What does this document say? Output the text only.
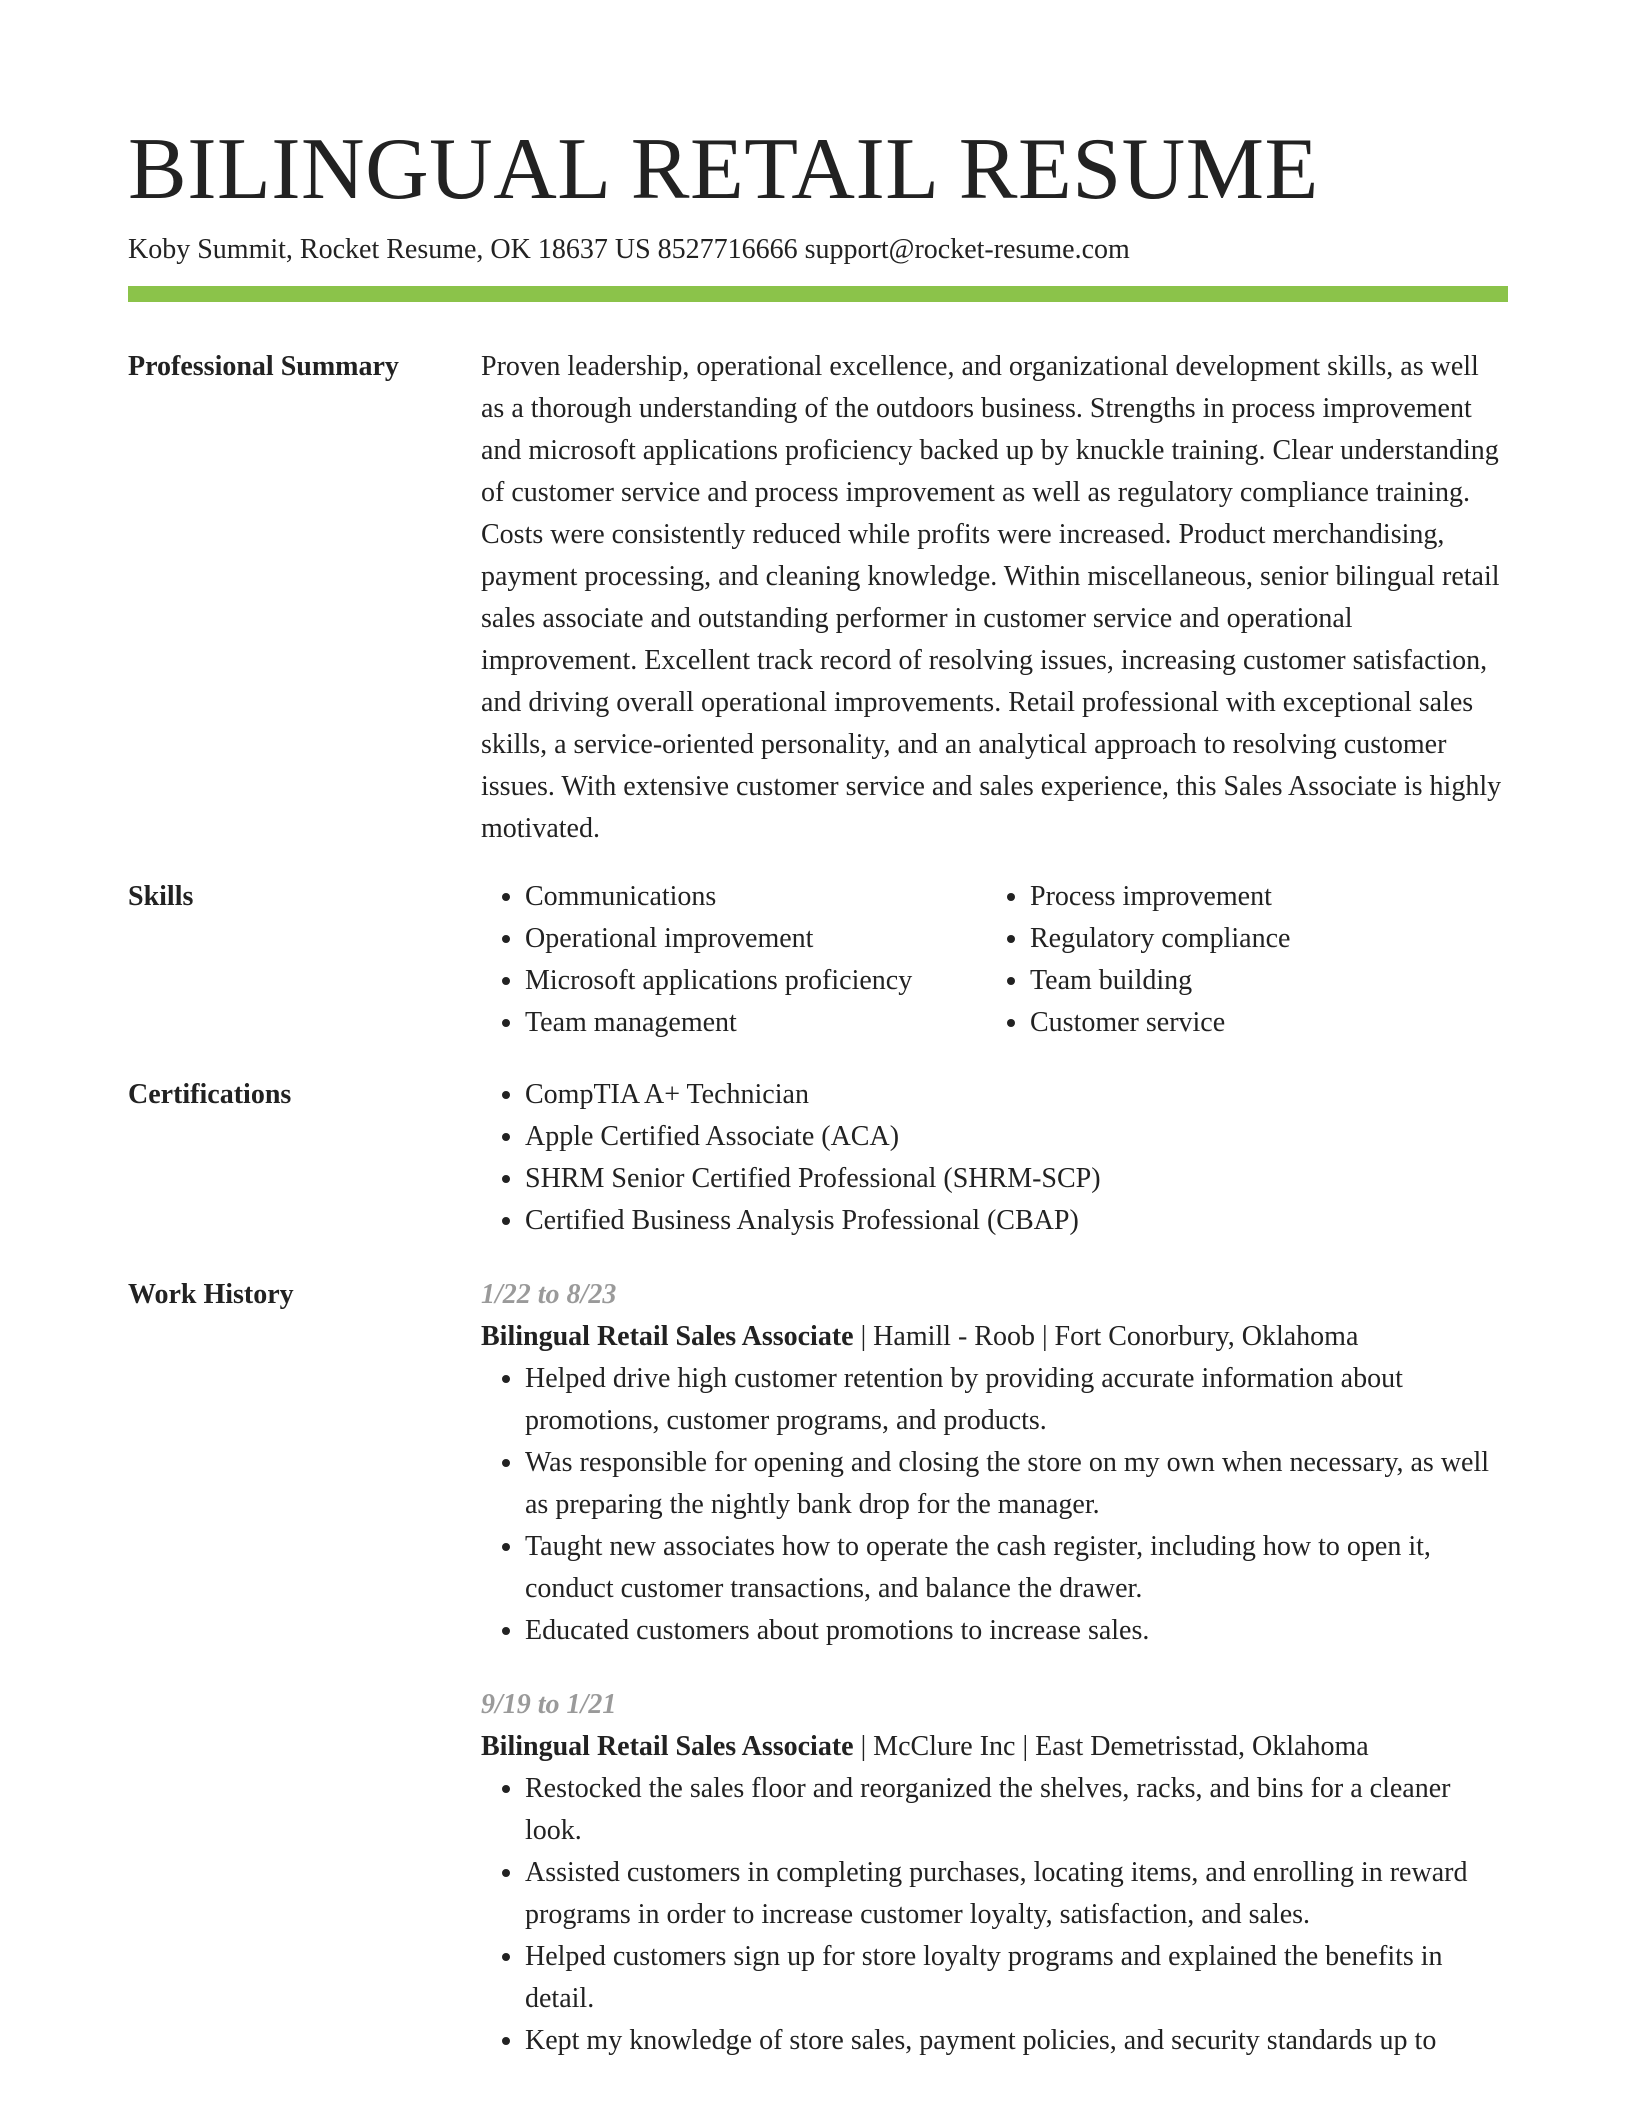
BILINGUAL RETAIL RESUME
Koby Summit, Rocket Resume, OK 18637 US 8527716666 support@rocket-resume.com
Professional Summary	Proven leadership, operational excellence, and organizational development skills, as well as a thorough understanding of the outdoors business. Strengths in process improvement and microsoft applications proficiency backed up by knuckle training. Clear understanding of customer service and process improvement as well as regulatory compliance training. Costs were consistently reduced while profits were increased. Product merchandising, payment processing, and cleaning knowledge. Within miscellaneous, senior bilingual retail sales associate and outstanding performer in customer service and operational improvement. Excellent track record of resolving issues, increasing customer satisfaction, and driving overall operational improvements. Retail professional with exceptional sales skills, a service-oriented personality, and an analytical approach to resolving customer issues. With extensive customer service and sales experience, this Sales Associate is highly motivated.

Skills	• Communications
• Operational improvement
• Microsoft applications proficiency
• Team management
• Process improvement
• Regulatory compliance
• Team building
• Customer service
Certifications	• CompTIA A+ Technician
• Apple Certified Associate (ACA)
• SHRM Senior Certified Professional (SHRM-SCP)
• Certified Business Analysis Professional (CBAP)
Work History	1/22 to 8/23
Bilingual Retail Sales Associate | Hamill - Roob | Fort Conorbury, Oklahoma
• Helped drive high customer retention by providing accurate information about promotions, customer programs, and products.
• Was responsible for opening and closing the store on my own when necessary, as well as preparing the nightly bank drop for the manager.
• Taught new associates how to operate the cash register, including how to open it, conduct customer transactions, and balance the drawer.
• Educated customers about promotions to increase sales.
9/19 to 1/21
Bilingual Retail Sales Associate | McClure Inc | East Demetrisstad, Oklahoma
• Restocked the sales floor and reorganized the shelves, racks, and bins for a cleaner look.
• Assisted customers in completing purchases, locating items, and enrolling in reward programs in order to increase customer loyalty, satisfaction, and sales.
• Helped customers sign up for store loyalty programs and explained the benefits in detail.
• Kept my knowledge of store sales, payment policies, and security standards up to
